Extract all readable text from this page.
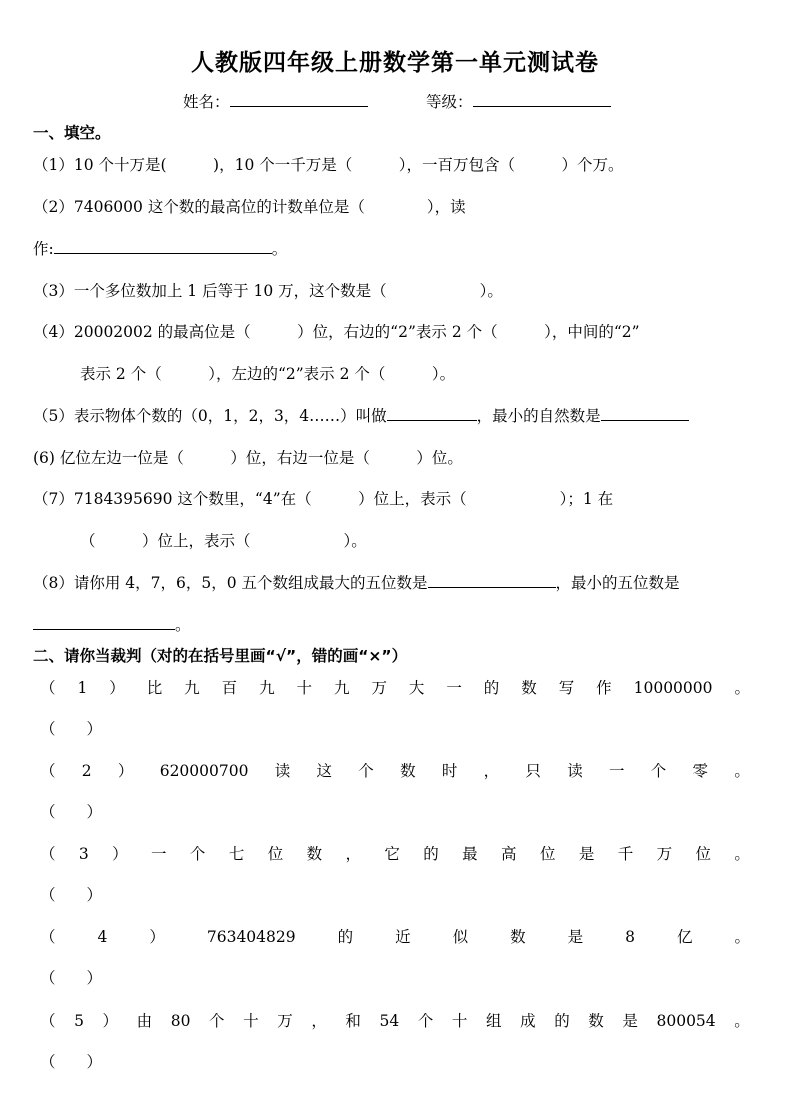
人教版四年级上册数学第一单元测试卷
姓名：	等级：
一、填空。
（1）10 个十万是(　　　)，10 个一千万是（　　　），一百万包含（　　　）个万。
（2）7406000 这个数的最高位的计数单位是（　　　　），读
作:	。
（3）一个多位数加上 1 后等于 10 万，这个数是（　　　　　　）。
（4）20002002 的最高位是（　　　）位，右边的“2”表示 2 个（　　　），中间的“2”
表示 2 个（　　　），左边的“2”表示 2 个（　　　）。
（5）表示物体个数的（0，1，2，3，4……）叫做	，最小的自然数是
(6) 亿位左边一位是（　　　）位，右边一位是（　　　）位。
（7）7184395690 这个数里，“4”在（　　　）位上，表示（　　　　　　）；1 在
（　　　）位上，表示（　　　　　　）。
（8）请你用 4，7，6，5，0 五个数组成最大的五位数是	，最小的五位数是
。
二、请你当裁判（对的在括号里画“√”，错的画“×”）
（ 1 ） 比 九 百 九 十 九 万 大 一 的 数 写 作 10000000 。
（　　）
（ 2 ） 620000700 读 这 个 数 时 ， 只 读 一 个 零 。
（　　）
（ 3 ） 一 个 七 位 数 ， 它 的 最 高 位 是 千 万 位 。
（　　）
（	4	）	763404829	的	近	似	数	是	8	亿	。
（　　）
（ 5 ） 由 80 个 十 万 ， 和 54 个 十 组 成 的 数 是 800054 。
（　　）
